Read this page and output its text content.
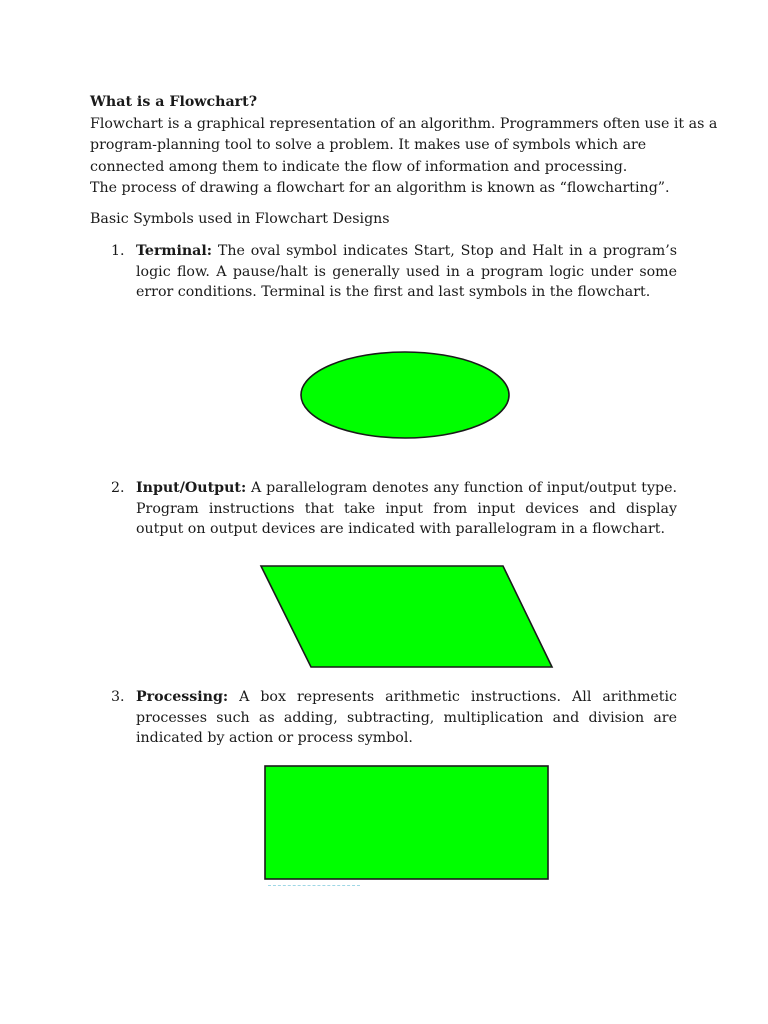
What is a Flowchart?
Flowchart is a graphical representation of an algorithm. Programmers often use it as a
program-planning tool to solve a problem. It makes use of symbols which are
connected among them to indicate the flow of information and processing.
The process of drawing a flowchart for an algorithm is known as “flowcharting”.
Basic Symbols used in Flowchart Designs
1. Terminal: The oval symbol indicates Start, Stop and Halt in a program’s logic flow. A pause/halt is generally used in a program logic under some error conditions. Terminal is the first and last symbols in the flowchart.
2. Input/Output: A parallelogram denotes any function of input/output type. Program instructions that take input from input devices and display output on output devices are indicated with parallelogram in a flowchart.
3. Processing: A box represents arithmetic instructions. All arithmetic processes such as adding, subtracting, multiplication and division are indicated by action or process symbol.
